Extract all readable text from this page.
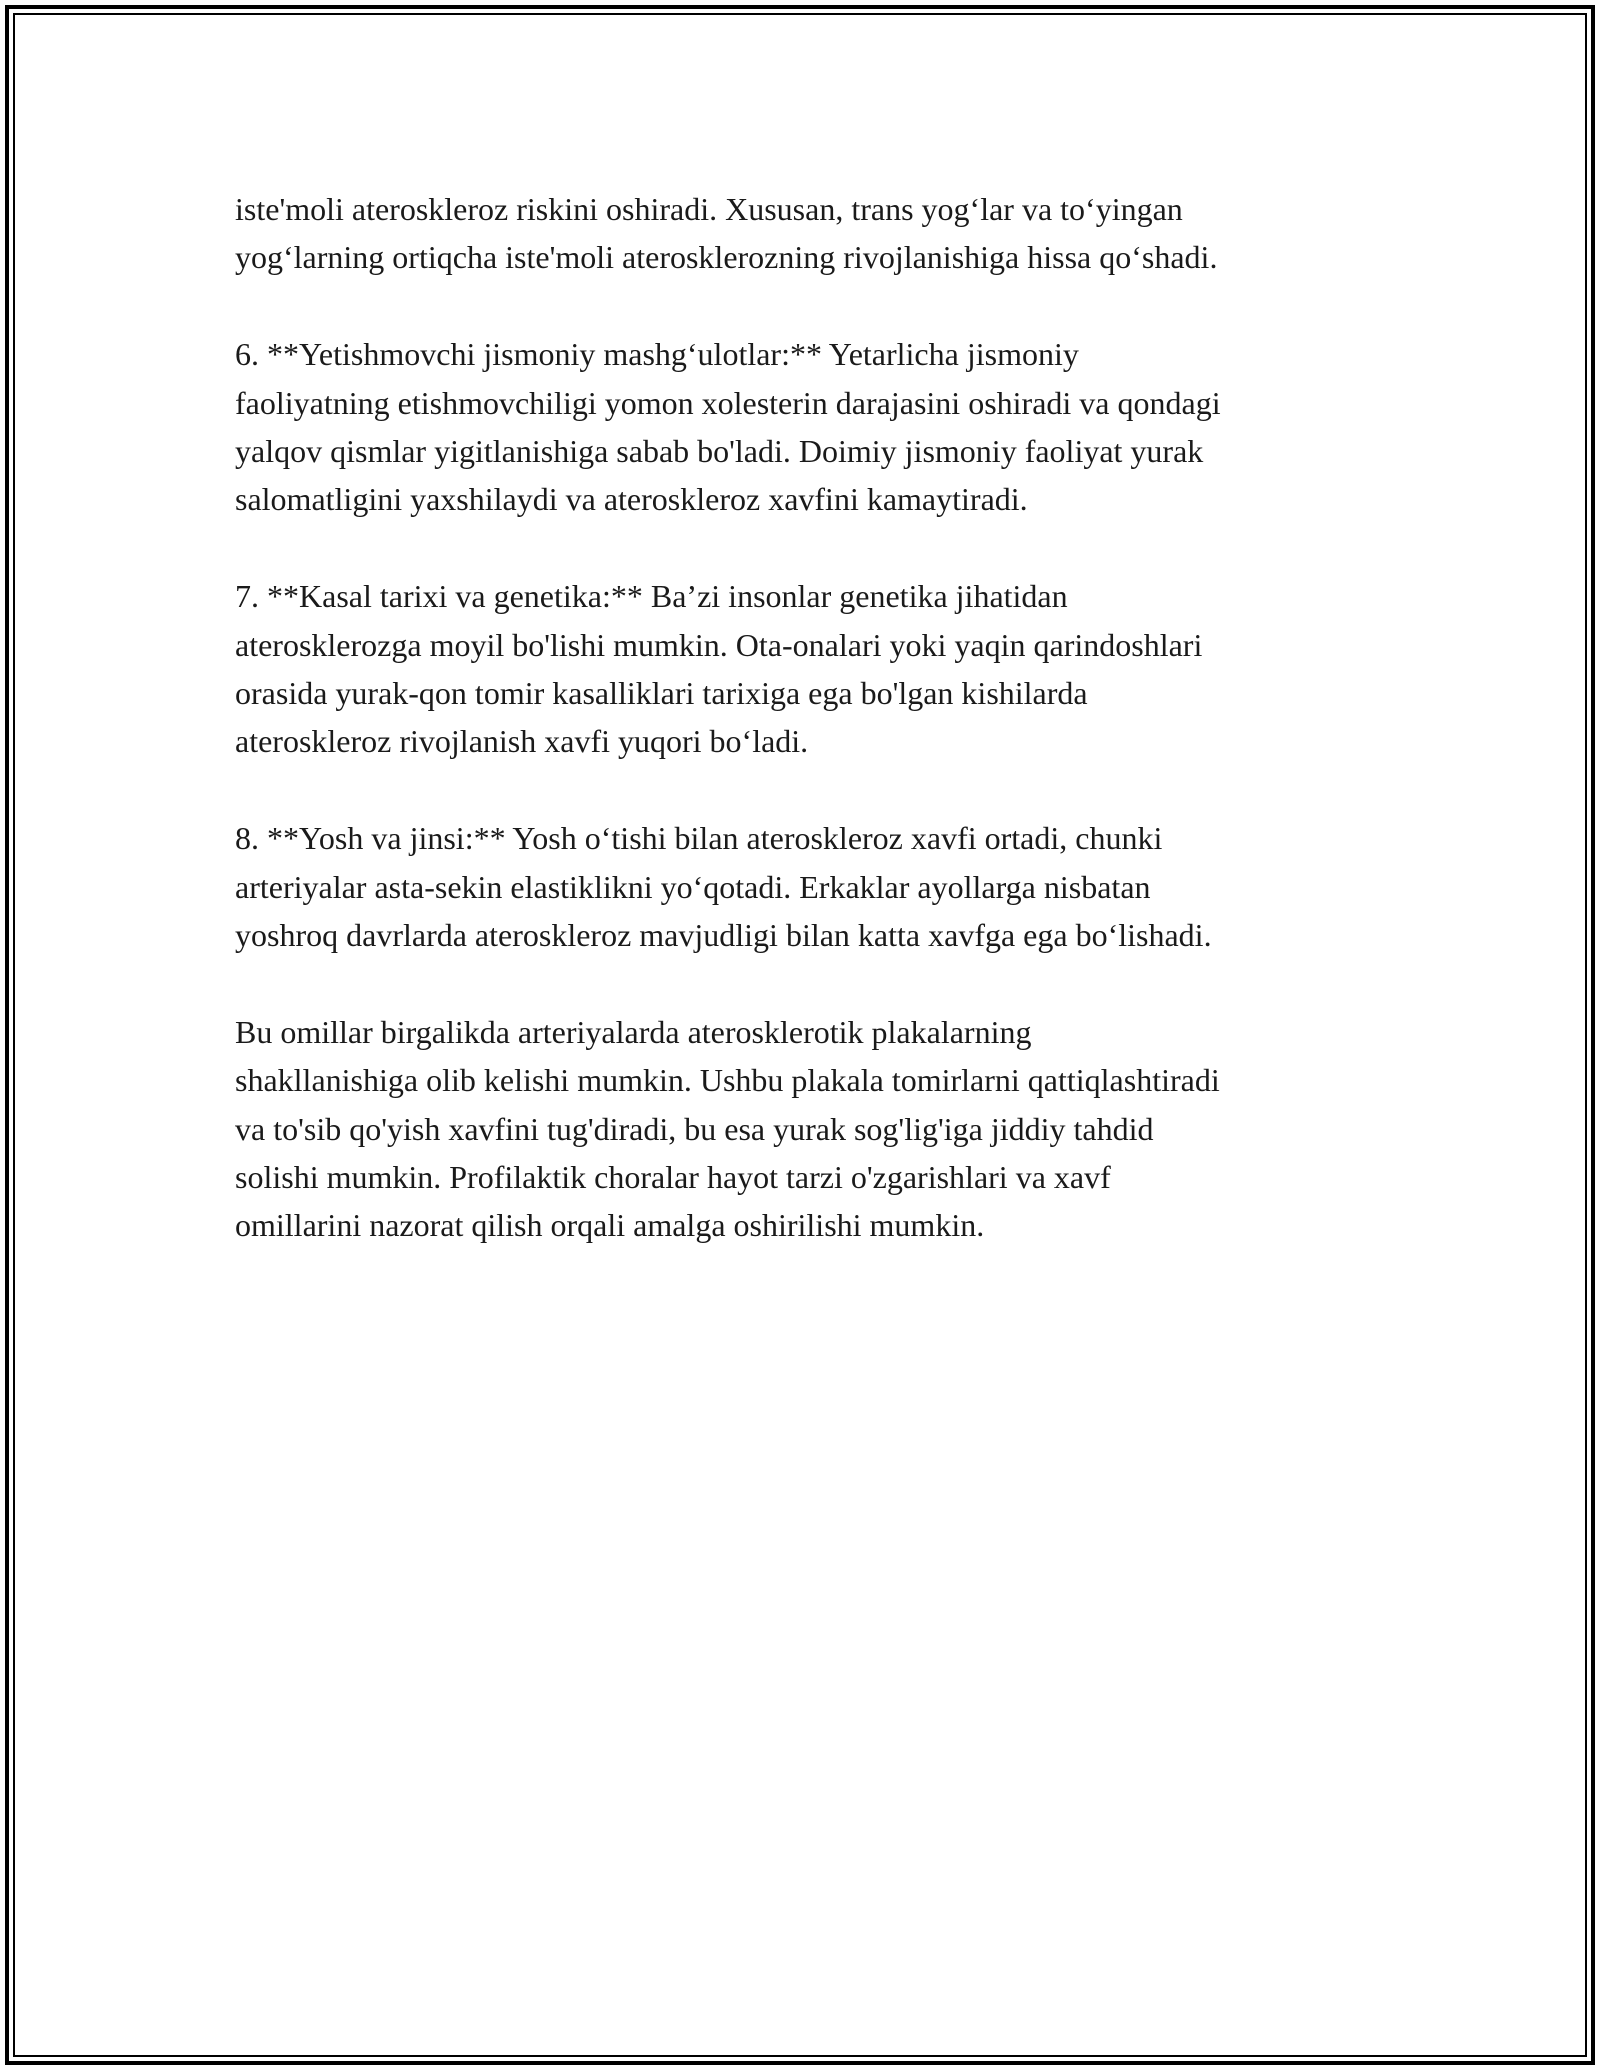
iste'moli ateroskleroz riskini oshiradi. Xususan, trans yog‘lar va to‘yingan
yog‘larning ortiqcha iste'moli aterosklerozning rivojlanishiga hissa qo‘shadi.

6. **Yetishmovchi jismoniy mashg‘ulotlar:** Yetarlicha jismoniy
faoliyatning etishmovchiligi yomon xolesterin darajasini oshiradi va qondagi
yalqov qismlar yigitlanishiga sabab bo'ladi. Doimiy jismoniy faoliyat yurak
salomatligini yaxshilaydi va ateroskleroz xavfini kamaytiradi.

7. **Kasal tarixi va genetika:** Ba’zi insonlar genetika jihatidan
aterosklerozga moyil bo'lishi mumkin. Ota-onalari yoki yaqin qarindoshlari
orasida yurak-qon tomir kasalliklari tarixiga ega bo'lgan kishilarda
ateroskleroz rivojlanish xavfi yuqori bo‘ladi.

8. **Yosh va jinsi:** Yosh o‘tishi bilan ateroskleroz xavfi ortadi, chunki
arteriyalar asta-sekin elastiklikni yo‘qotadi. Erkaklar ayollarga nisbatan
yoshroq davrlarda ateroskleroz mavjudligi bilan katta xavfga ega bo‘lishadi.

Bu omillar birgalikda arteriyalarda aterosklerotik plakalarning
shakllanishiga olib kelishi mumkin. Ushbu plakala tomirlarni qattiqlashtiradi
va to'sib qo'yish xavfini tug'diradi, bu esa yurak sog'lig'iga jiddiy tahdid
solishi mumkin. Profilaktik choralar hayot tarzi o'zgarishlari va xavf
omillarini nazorat qilish orqali amalga oshirilishi mumkin.
